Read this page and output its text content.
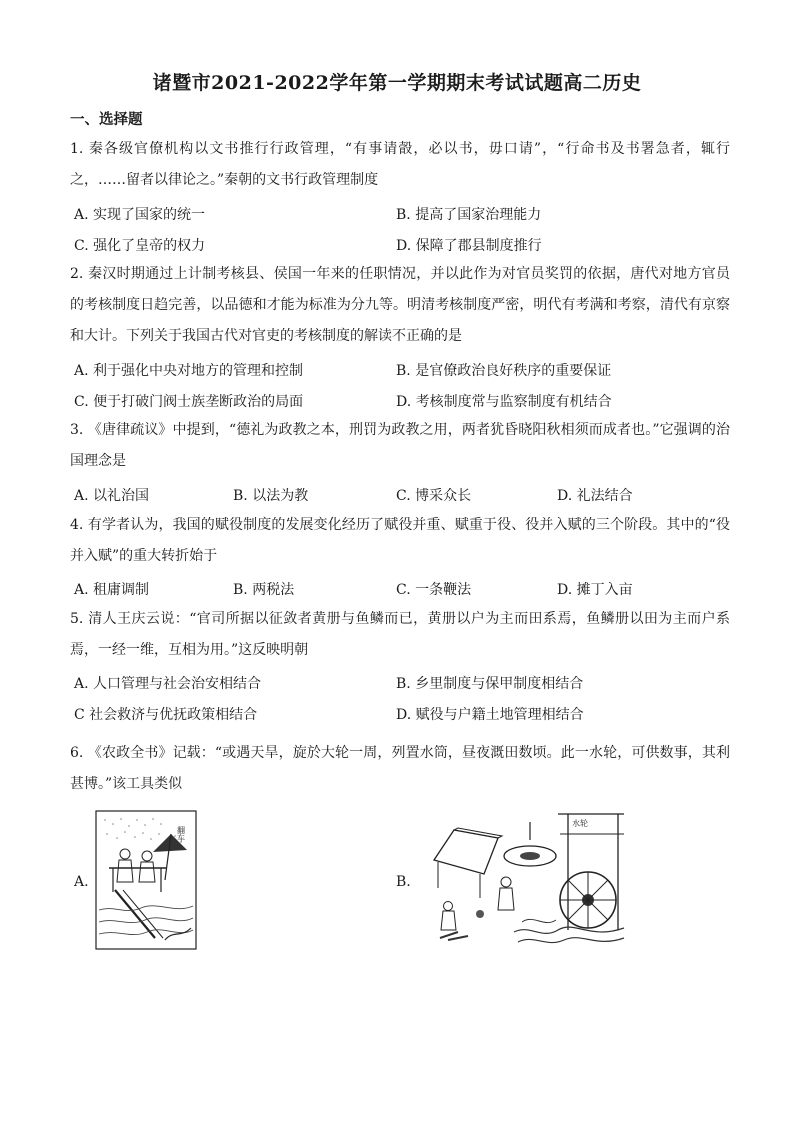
诸暨市2021-2022学年第一学期期末考试试题高二历史
一、选择题
1. 秦各级官僚机构以文书推行行政管理，“有事请瞉，必以书，毋口请”，“行命书及书署急者，辄行之，……留者以律论之。”秦朝的文书行政管理制度
A. 实现了国家的统一	B. 提高了国家治理能力
C. 强化了皇帝的权力	D. 保障了郡县制度推行
2. 秦汉时期通过上计制考核县、侯国一年来的任职情况，并以此作为对官员奖罚的依据，唐代对地方官员的考核制度日趋完善，以品德和才能为标准为分九等。明清考核制度严密，明代有考满和考察，清代有京察和大计。下列关于我国古代对官吏的考核制度的解读不正确的是
A. 利于强化中央对地方的管理和控制	B. 是官僚政治良好秩序的重要保证
C. 便于打破门阀士族垄断政治的局面	D. 考核制度常与监察制度有机结合
3. 《唐律疏议》中提到，“德礼为政教之本，刑罚为政教之用，两者犹昏晓阳秋相须而成者也。”它强调的治国理念是
A. 以礼治国	B. 以法为教	C. 博采众长	D. 礼法结合
4. 有学者认为，我国的赋役制度的发展变化经历了赋役并重、赋重于役、役并入赋的三个阶段。其中的“役并入赋”的重大转折始于
A. 租庸调制	B. 两税法	C. 一条鞭法	D. 摊丁入亩
5. 清人王庆云说：“官司所据以征敛者黄册与鱼鳞而已，黄册以户为主而田系焉，鱼鳞册以田为主而户系焉，一经一维，互相为用。”这反映明朝
A. 人口管理与社会治安相结合	B. 乡里制度与保甲制度相结合
C 社会救济与优抚政策相结合	D. 赋役与户籍土地管理相结合
6. 《农政全书》记载：“或遇天旱，旋於大轮一周，列置水筒，昼夜溉田数顷。此一水轮，可供数事，其利甚博。”该工具类似
A.	B.
翻车
水轮
